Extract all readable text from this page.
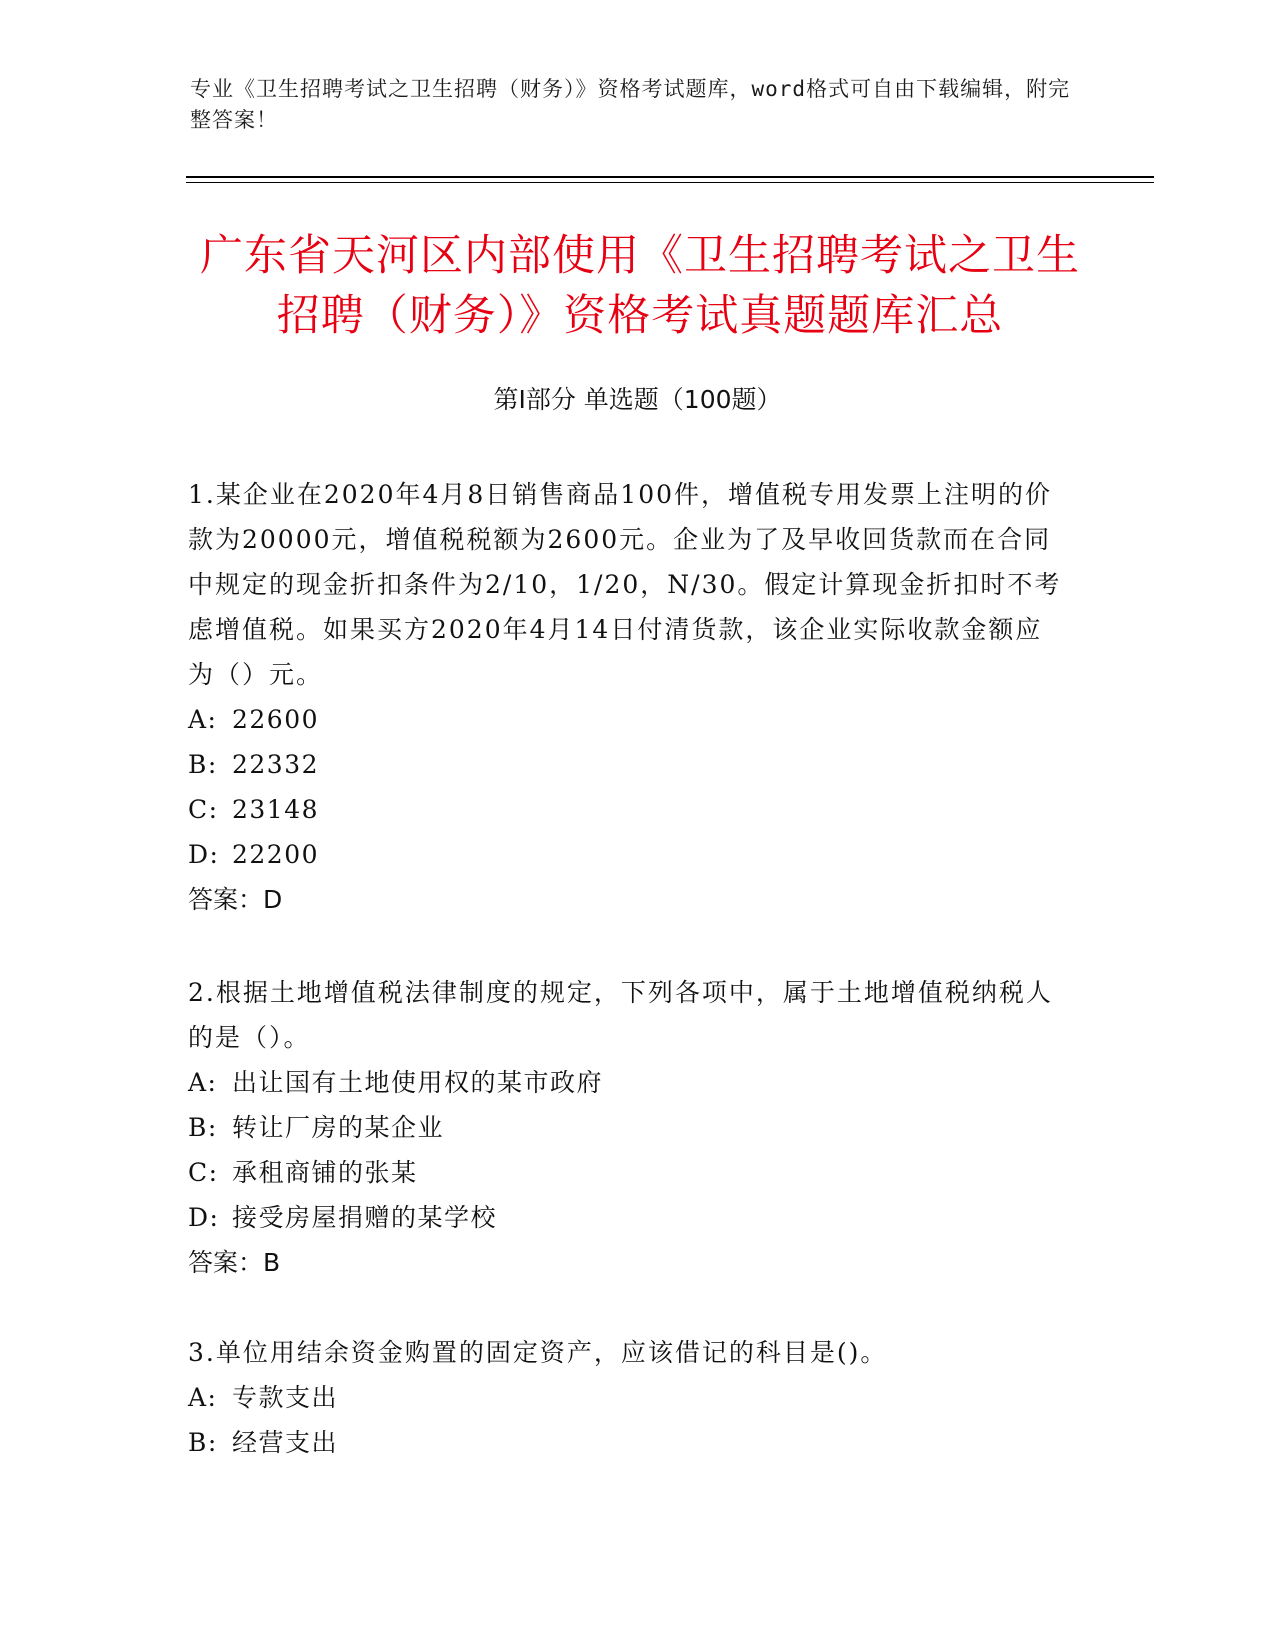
专业《卫生招聘考试之卫生招聘（财务）》资格考试题库，word格式可自由下载编辑，附完整答案！
广东省天河区内部使用《卫生招聘考试之卫生招聘（财务）》资格考试真题题库汇总
第Ⅰ部分 单选题（100题）

1.某企业在2020年4月8日销售商品100件，增值税专用发票上注明的价款为20000元，增值税税额为2600元。企业为了及早收回货款而在合同中规定的现金折扣条件为2/10，1/20，N/30。假定计算现金折扣时不考虑增值税。如果买方2020年4月14日付清货款，该企业实际收款金额应为（）元。

A: 22600

B: 22332

C: 23148

D: 22200

答案：D

2.根据土地增值税法律制度的规定，下列各项中，属于土地增值税纳税人的是（）。

A: 出让国有土地使用权的某市政府

B: 转让厂房的某企业

C: 承租商铺的张某

D: 接受房屋捐赠的某学校

答案：B

3.单位用结余资金购置的固定资产，应该借记的科目是()。

A: 专款支出

B: 经营支出
